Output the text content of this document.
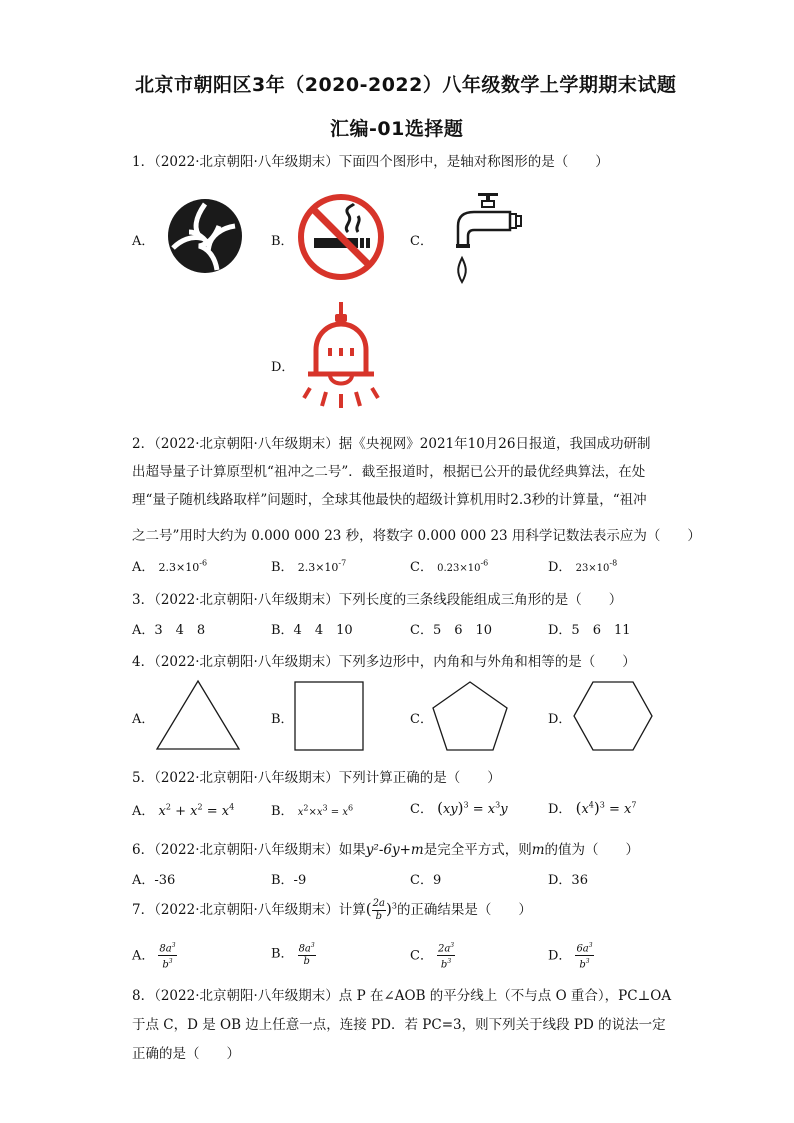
北京市朝阳区3年（2020-2022）八年级数学上学期期末试题
汇编-01选择题
1．（2022·北京朝阳·八年级期末）下面四个图形中，是轴对称图形的是（　　）
A．	B．	C．
D．
2．（2022·北京朝阳·八年级期末）据《央视网》2021年10月26日报道，我国成功研制
出超导量子计算原型机“祖冲之二号”．截至报道时，根据已公开的最优经典算法，在处
理“量子随机线路取样”问题时，全球其他最快的超级计算机用时2.3秒的计算量，“祖冲
之二号”用时大约为 0.000 000 23 秒，将数字 0.000 000 23 用科学记数法表示应为（　　）
A． $2.3\times 10^{-6}$	B． $2.3\times 10^{-7}$	C． $0.23\times 10^{-6}$	D． $23\times 10^{-8}$
3．（2022·北京朝阳·八年级期末）下列长度的三条线段能组成三角形的是（　　）
A．3　4　8	B．4　4　10	C．5　6　10	D．5　6　11
4．（2022·北京朝阳·八年级期末）下列多边形中，内角和与外角和相等的是（　　）
A．	B．	C．	D．
5．（2022·北京朝阳·八年级期末）下列计算正确的是（　　）
A． $x^2 + x^2 = x^4$	B． $x^2\times x^3 = x^6$	C． $(xy)^3 = x^3y$	D． $(x^4)^3 = x^7$
6．（2022·北京朝阳·八年级期末）如果y²-6y+m是完全平方式，则m的值为（　　）
A．-36	B．-9	C．9	D．36
7．（2022·北京朝阳·八年级期末）计算( $\frac{2a}{b} )^3$的正确结果是（　　）
A． $\frac{8a^3}{b^3}$	B． $\frac{8a^3}{b}$	C． $\frac{2a^3}{b^3}$	D． $\frac{6a^3}{b^3}$
8．（2022·北京朝阳·八年级期末）点 P 在∠AOB 的平分线上（不与点 O 重合），PC⊥OA
于点 C，D 是 OB 边上任意一点，连接 PD．若 PC=3，则下列关于线段 PD 的说法一定
正确的是（　　）
